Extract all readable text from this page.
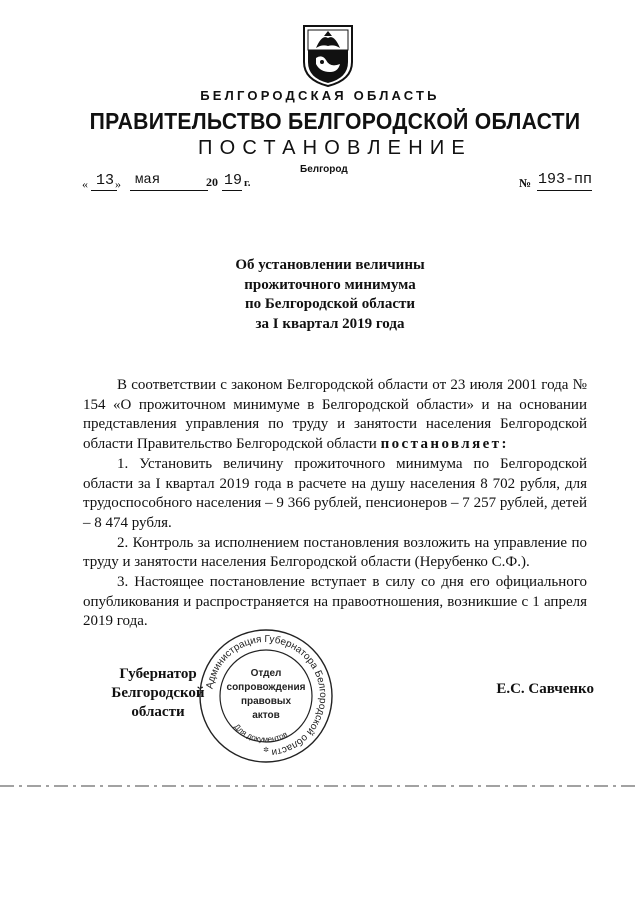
БЕЛГОРОДСКАЯ ОБЛАСТЬ
ПРАВИТЕЛЬСТВО БЕЛГОРОДСКОЙ ОБЛАСТИ
ПОСТАНОВЛЕНИЕ
Белгород
« 13 » мая	20 19 г.	№ 193-пп
Об установлении величины
прожиточного минимума
по Белгородской области
за I квартал 2019 года

В соответствии с законом Белгородской области от 23 июля 2001 года № 154 «О прожиточном минимуме в Белгородской области» и на основании представления управления по труду и занятости населения Белгородской области Правительство Белгородской области постановляет:

1. Установить величину прожиточного минимума по Белгородской области за I квартал 2019 года в расчете на душу населения 8 702 рубля, для трудоспособного населения – 9 366 рублей, пенсионеров – 7 257 рублей, детей – 8 474 рубля.

2. Контроль за исполнением постановления возложить на управление по труду и занятости населения Белгородской области (Нерубенко С.Ф.).

3. Настоящее постановление вступает в силу со дня его официального опубликования и распространяется на правоотношения, возникшие с 1 апреля 2019 года.

Губернатор
Белгородской области
Е.С. Савченко
Администрация Губернатора Белгородской области
Для документов
Отдел
сопровождения
правовых
актов
✲
